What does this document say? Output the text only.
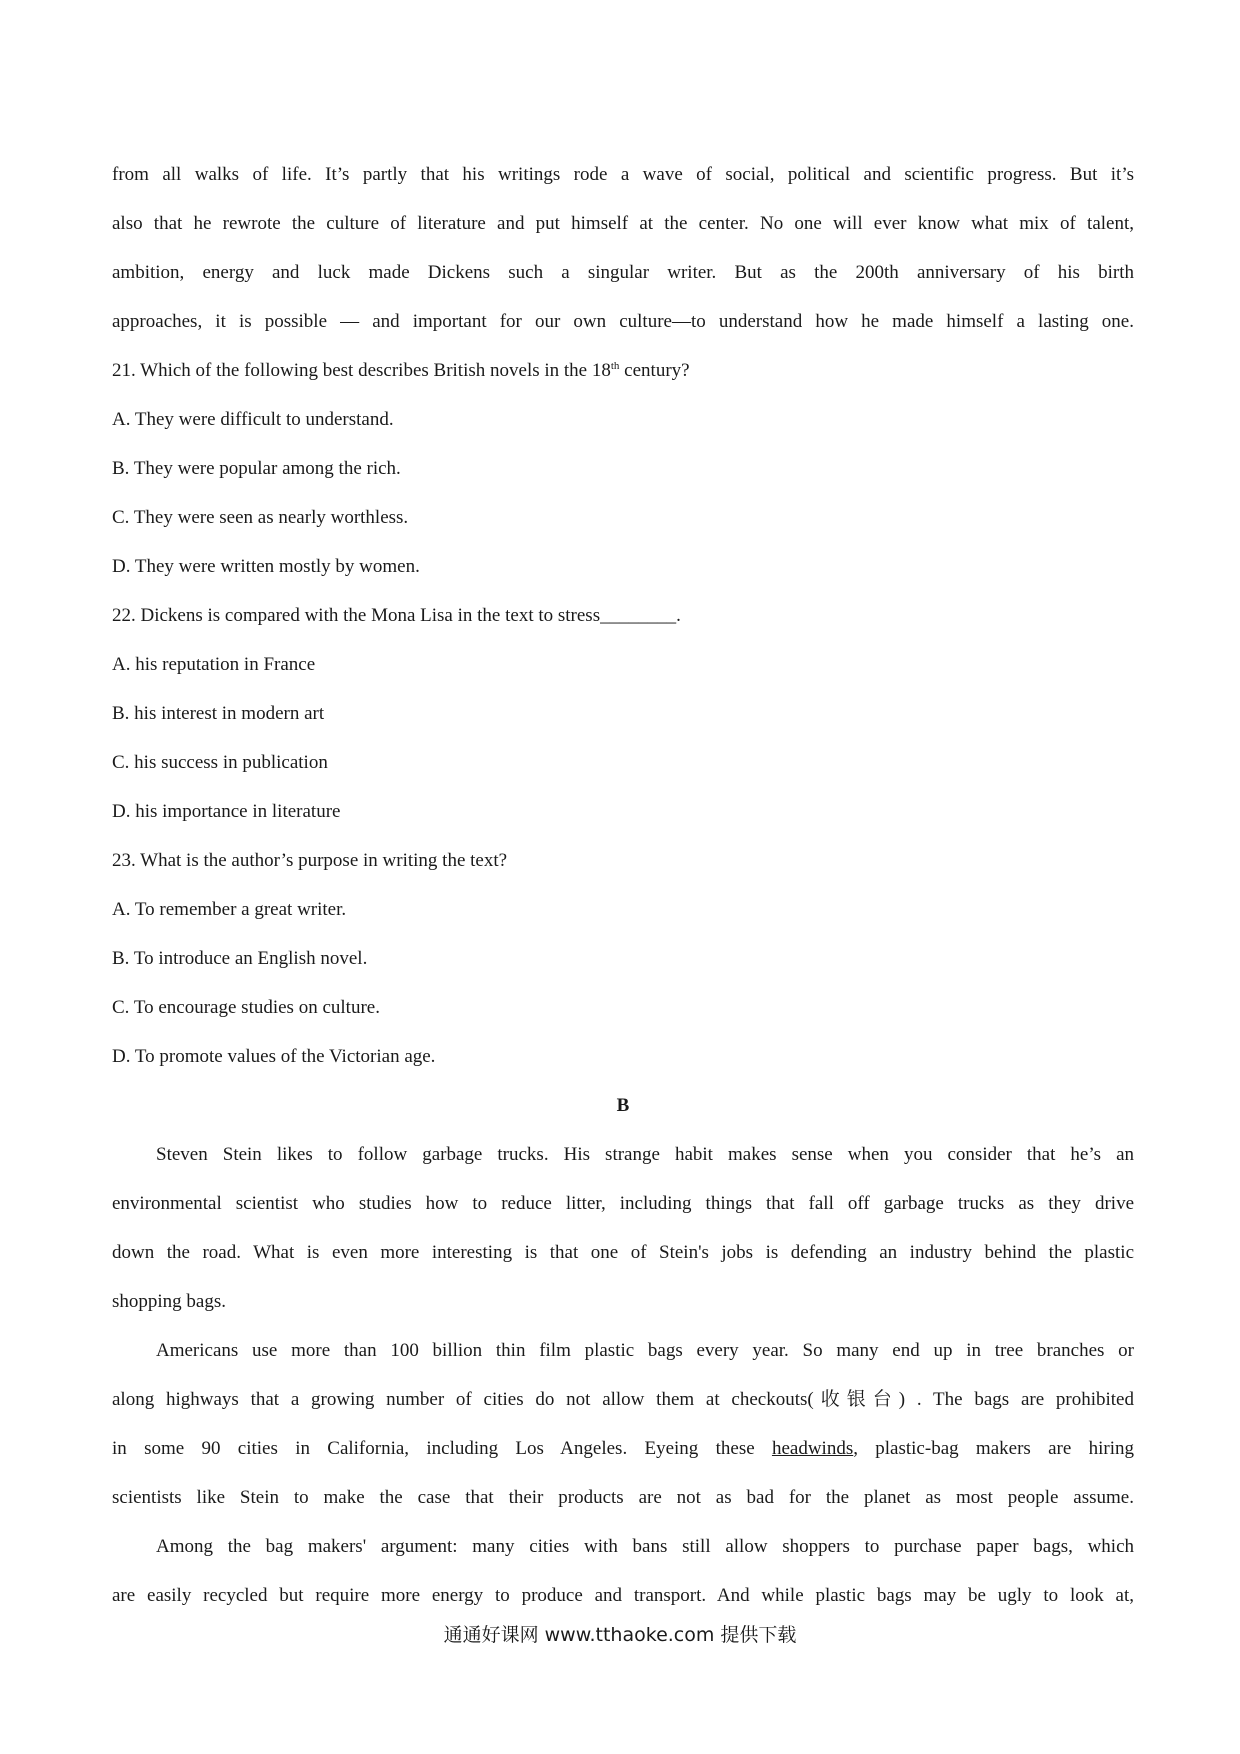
from all walks of life. It’s partly that his writings rode a wave of social, political and scientific progress. But it’s
also that he rewrote the culture of literature and put himself at the center. No one will ever know what mix of talent,
ambition, energy and luck made Dickens such a singular writer. But as the 200th anniversary of his birth
approaches, it is possible — and important for our own culture—to understand how he made himself a lasting one.
21. Which of the following best describes British novels in the 18th century?
A. They were difficult to understand.
B. They were popular among the rich.
C. They were seen as nearly worthless.
D. They were written mostly by women.
22. Dickens is compared with the Mona Lisa in the text to stress________.
A. his reputation in France
B. his interest in modern art
C. his success in publication
D. his importance in literature
23. What is the author’s purpose in writing the text?
A. To remember a great writer.
B. To introduce an English novel.
C. To encourage studies on culture.
D. To promote values of the Victorian age.
B
Steven Stein likes to follow garbage trucks. His strange habit makes sense when you consider that he’s an
environmental scientist who studies how to reduce litter, including things that fall off garbage trucks as they drive
down the road. What is even more interesting is that one of Stein's jobs is defending an industry behind the plastic
shopping bags.
Americans use more than 100 billion thin film plastic bags every year. So many end up in tree branches or
along highways that a growing number of cities do not allow them at checkouts(收银台) . The bags are prohibited
in some 90 cities in California, including Los Angeles. Eyeing these headwinds, plastic-bag makers are hiring
scientists like Stein to make the case that their products are not as bad for the planet as most people assume.
Among the bag makers' argument: many cities with bans still allow shoppers to purchase paper bags, which
are easily recycled but require more energy to produce and transport. And while plastic bags may be ugly to look at,
通通好课网 www.tthaoke.com 提供下载
